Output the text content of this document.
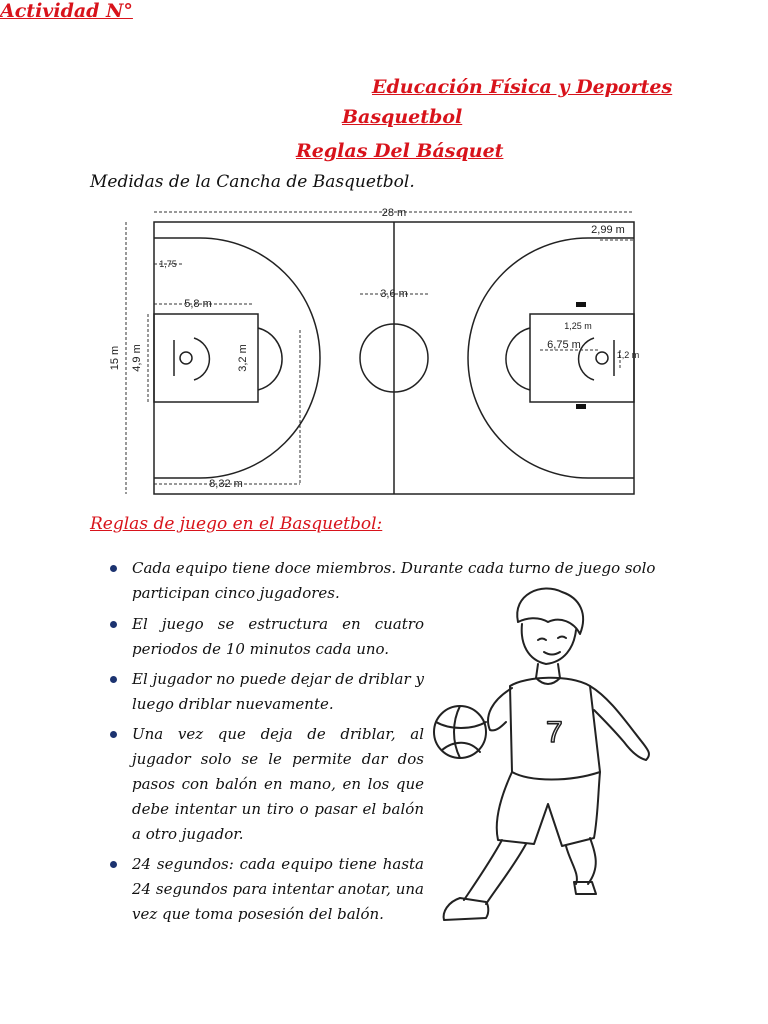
Actividad N°
Educación Física y Deportes
Basquetbol
Reglas Del Básquet
Medidas de la Cancha de Basquetbol.
28 m
15 m 4,9 m	3,2 m
2,99 m
1,75
5,8 m
3,6 m
8,32 m
6,75 m
1,25 m
1,2 m
Reglas de juego en el Basquetbol:
Cada equipo tiene doce miembros. Durante cada turno de juego solo participan cinco jugadores.
El juego se estructura en cuatro periodos de 10 minutos cada uno.
El jugador no puede dejar de driblar y luego driblar nuevamente.
Una vez que deja de driblar, al jugador solo se le permite dar dos pasos con balón en mano, en los que debe intentar un tiro o pasar el balón a otro jugador.
24 segundos: cada equipo tiene hasta 24 segundos para intentar anotar, una vez que toma posesión del balón.
7
